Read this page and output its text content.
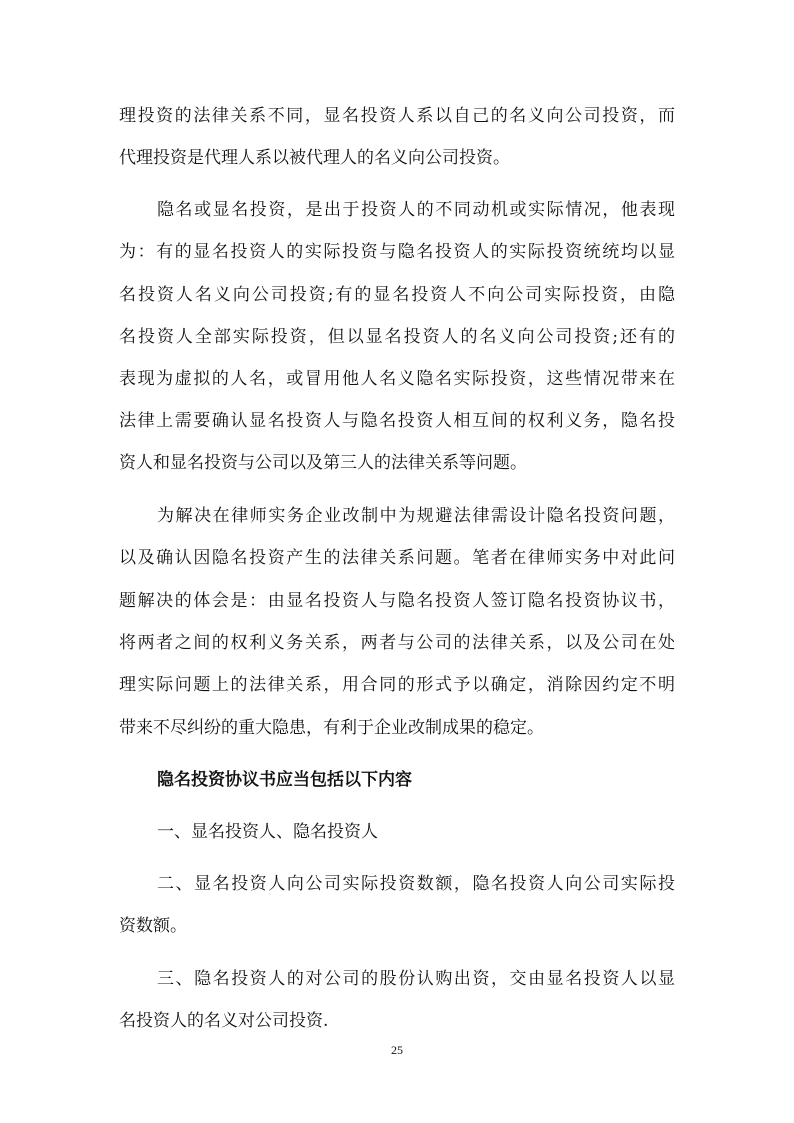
理投资的法律关系不同，显名投资人系以自己的名义向公司投资，而
代理投资是代理人系以被代理人的名义向公司投资。
隐名或显名投资，是出于投资人的不同动机或实际情况，他表现
为：有的显名投资人的实际投资与隐名投资人的实际投资统统均以显
名投资人名义向公司投资;有的显名投资人不向公司实际投资，由隐
名投资人全部实际投资，但以显名投资人的名义向公司投资;还有的
表现为虚拟的人名，或冒用他人名义隐名实际投资，这些情况带来在
法律上需要确认显名投资人与隐名投资人相互间的权利义务，隐名投
资人和显名投资与公司以及第三人的法律关系等问题。
为解决在律师实务企业改制中为规避法律需设计隐名投资问题，
以及确认因隐名投资产生的法律关系问题。笔者在律师实务中对此问
题解决的体会是：由显名投资人与隐名投资人签订隐名投资协议书，
将两者之间的权利义务关系，两者与公司的法律关系，以及公司在处
理实际问题上的法律关系，用合同的形式予以确定，消除因约定不明
带来不尽纠纷的重大隐患，有利于企业改制成果的稳定。
隐名投资协议书应当包括以下内容
一、显名投资人、隐名投资人
二、显名投资人向公司实际投资数额，隐名投资人向公司实际投
资数额。
三、隐名投资人的对公司的股份认购出资，交由显名投资人以显
名投资人的名义对公司投资.
25
